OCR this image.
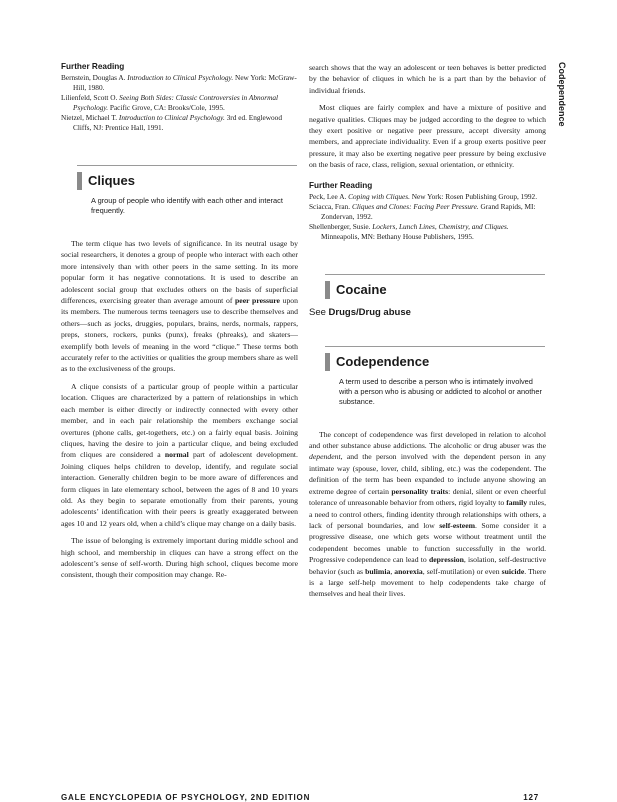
Codependence
Further Reading

Bernstein, Douglas A. Introduction to Clinical Psychology. New York: McGraw-Hill, 1980.

Lilienfeld, Scott O. Seeing Both Sides: Classic Controversies in Abnormal Psychology. Pacific Grove, CA: Brooks/Cole, 1995.

Nietzel, Michael T. Introduction to Clinical Psychology. 3rd ed. Englewood Cliffs, NJ: Prentice Hall, 1991.

Cliques
A group of people who identify with each other and interact frequently.

The term clique has two levels of significance. In its neutral usage by social researchers, it denotes a group of people who interact with each other more intensively than with other peers in the same setting. In its more popular form it has negative connotations. It is used to describe an adolescent social group that excludes others on the basis of superficial differences, exercising greater than average amount of peer pressure upon its members. The numerous terms teenagers use to describe themselves and others—such as jocks, druggies, populars, brains, nerds, normals, rappers, preps, stoners, rockers, punks (punx), freaks (phreaks), and skaters—exemplify both levels of meaning in the word “clique.” These terms both accurately refer to the activities or qualities the group members share as well as to the exclusiveness of the groups.

A clique consists of a particular group of people within a particular location. Cliques are characterized by a pattern of relationships in which each member is either directly or indirectly connected with every other member, and in each pair relationship the members exchange social overtures (phone calls, get-togethers, etc.) on a fairly equal basis. Joining cliques, having the desire to join a particular clique, and being excluded from cliques are considered a normal part of adolescent development. Joining cliques helps children to develop, identify, and regulate social interaction. Generally children begin to be more aware of differences and form cliques in late elementary school, between the ages of 8 and 10 years old. As they begin to separate emotionally from their parents, young adolescents’ identification with their peers is greatly exaggerated between ages 10 and 12 years old, when a child’s clique may change on a daily basis.

The issue of belonging is extremely important during middle school and high school, and membership in cliques can have a strong effect on the adolescent’s sense of self-worth. During high school, cliques become more consistent, though their composition may change. Re-

search shows that the way an adolescent or teen behaves is better predicted by the behavior of cliques in which he is a part than by the behavior of individual friends.

Most cliques are fairly complex and have a mixture of positive and negative qualities. Cliques may be judged according to the degree to which they exert positive or negative peer pressure, accept diversity among members, and appreciate individuality. Even if a group exerts positive peer pressure, it may also be exerting negative peer pressure by being exclusive on the basis of race, class, religion, sexual orientation, or ethnicity.

Further Reading

Peck, Lee A. Coping with Cliques. New York: Rosen Publishing Group, 1992.

Sciacca, Fran. Cliques and Clones: Facing Peer Pressure. Grand Rapids, MI: Zondervan, 1992.

Shellenberger, Susie. Lockers, Lunch Lines, Chemistry, and Cliques. Minneapolis, MN: Bethany House Publishers, 1995.

Cocaine
See Drugs/Drug abuse
Codependence
A term used to describe a person who is intimately involved with a person who is abusing or addicted to alcohol or another substance.

The concept of codependence was first developed in relation to alcohol and other substance abuse addictions. The alcoholic or drug abuser was the dependent, and the person involved with the dependent person in any intimate way (spouse, lover, child, sibling, etc.) was the codependent. The definition of the term has been expanded to include anyone showing an extreme degree of certain personality traits: denial, silent or even cheerful tolerance of unreasonable behavior from others, rigid loyalty to family rules, a need to control others, finding identity through relationships with others, a lack of personal boundaries, and low self-esteem. Some consider it a progressive disease, one which gets worse without treatment until the codependent becomes unable to function successfully in the world. Progressive codependence can lead to depression, isolation, self-destructive behavior (such as bulimia, anorexia, self-mutilation) or even suicide. There is a large self-help movement to help codependents take charge of themselves and heal their lives.

GALE ENCYCLOPEDIA OF PSYCHOLOGY, 2ND EDITION	127
